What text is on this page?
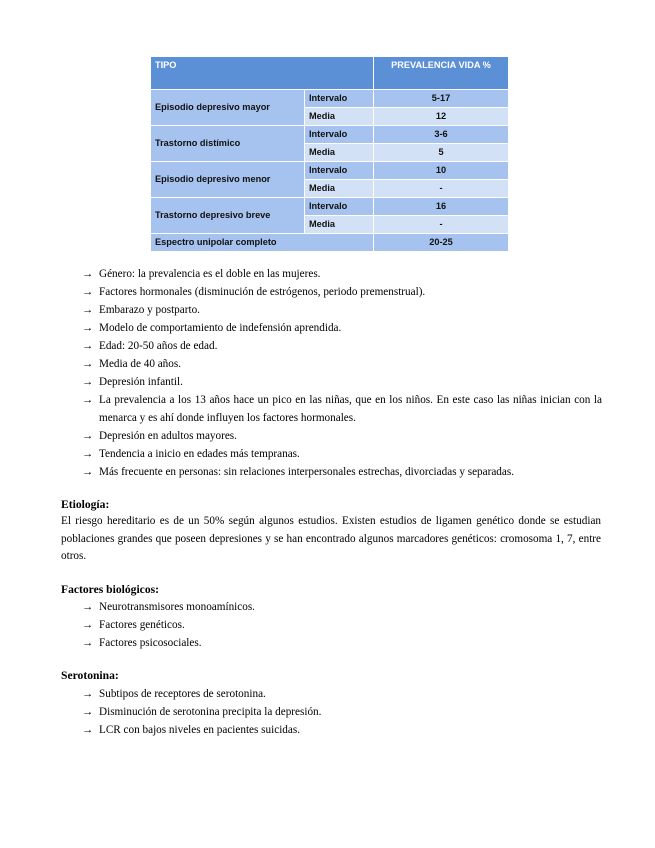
TIPO		PREVALENCIA VIDA %
Episodio depresivo mayor	Intervalo	5-17
	Media	12
Trastorno distímico	Intervalo	3-6
	Media	5
Episodio depresivo menor	Intervalo	10
	Media	-
Trastorno depresivo breve	Intervalo	16
	Media	-
Espectro unipolar completo		20-25
→ Género: la prevalencia es el doble en las mujeres.
→ Factores hormonales (disminución de estrógenos, periodo premenstrual).
→ Embarazo y postparto.
→ Modelo de comportamiento de indefensión aprendida.
→ Edad: 20-50 años de edad.
→ Media de 40 años.
→ Depresión infantil.
→ La prevalencia a los 13 años hace un pico en las niñas, que en los niños. En este caso las niñas inician con la menarca y es ahí donde influyen los factores hormonales.
→ Depresión en adultos mayores.
→ Tendencia a inicio en edades más tempranas.
→ Más frecuente en personas: sin relaciones interpersonales estrechas, divorciadas y separadas.
Etiología:

El riesgo hereditario es de un 50% según algunos estudios. Existen estudios de ligamen genético donde se estudian poblaciones grandes que poseen depresiones y se han encontrado algunos marcadores genéticos: cromosoma 1, 7, entre otros.

Factores biológicos:
→ Neurotransmisores monoamínicos.
→ Factores genéticos.
→ Factores psicosociales.
Serotonina:
→ Subtipos de receptores de serotonina.
→ Disminución de serotonina precipita la depresión.
→ LCR con bajos niveles en pacientes suicidas.
